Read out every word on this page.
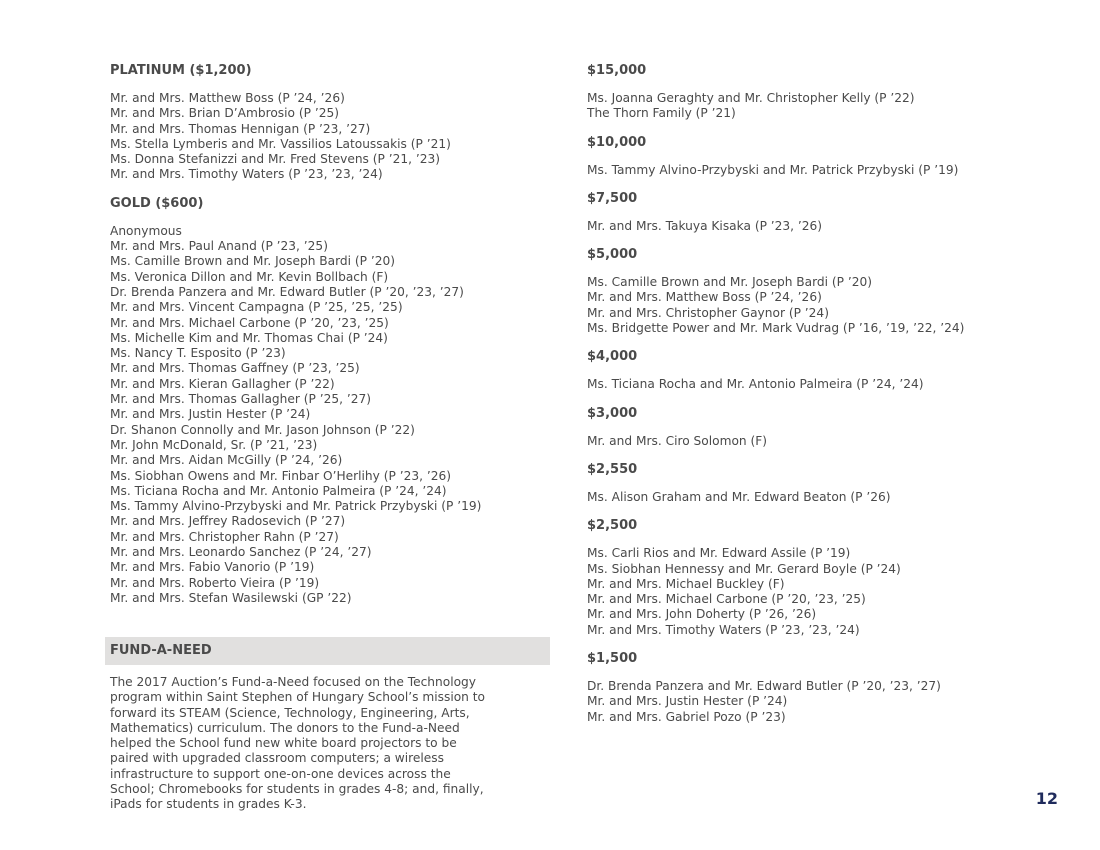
PLATINUM ($1,200)
Mr. and Mrs. Matthew Boss (P ’24, ’26)
Mr. and Mrs. Brian D’Ambrosio (P ’25)
Mr. and Mrs. Thomas Hennigan (P ’23, ’27)
Ms. Stella Lymberis and Mr. Vassilios Latoussakis (P ’21)
Ms. Donna Stefanizzi and Mr. Fred Stevens (P ’21, ’23)
Mr. and Mrs. Timothy Waters (P ’23, ’23, ’24)
GOLD ($600)
Anonymous
Mr. and Mrs. Paul Anand (P ’23, ’25)
Ms. Camille Brown and Mr. Joseph Bardi (P ’20)
Ms. Veronica Dillon and Mr. Kevin Bollbach (F)
Dr. Brenda Panzera and Mr. Edward Butler (P ’20, ’23, ’27)
Mr. and Mrs. Vincent Campagna (P ’25, ’25, ’25)
Mr. and Mrs. Michael Carbone (P ’20, ’23, ’25)
Ms. Michelle Kim and Mr. Thomas Chai (P ’24)
Ms. Nancy T. Esposito (P ’23)
Mr. and Mrs. Thomas Gaffney (P ’23, ’25)
Mr. and Mrs. Kieran Gallagher (P ’22)
Mr. and Mrs. Thomas Gallagher (P ’25, ’27)
Mr. and Mrs. Justin Hester (P ’24)
Dr. Shanon Connolly and Mr. Jason Johnson (P ’22)
Mr. John McDonald, Sr. (P ’21, ’23)
Mr. and Mrs. Aidan McGilly (P ’24, ’26)
Ms. Siobhan Owens and Mr. Finbar O’Herlihy (P ’23, ’26)
Ms. Ticiana Rocha and Mr. Antonio Palmeira (P ’24, ’24)
Ms. Tammy Alvino-Przybyski and Mr. Patrick Przybyski (P ’19)
Mr. and Mrs. Jeffrey Radosevich (P ’27)
Mr. and Mrs. Christopher Rahn (P ’27)
Mr. and Mrs. Leonardo Sanchez (P ’24, ’27)
Mr. and Mrs. Fabio Vanorio (P ’19)
Mr. and Mrs. Roberto Vieira (P ’19)
Mr. and Mrs. Stefan Wasilewski (GP ’22)
$15,000
Ms. Joanna Geraghty and Mr. Christopher Kelly (P ’22)
The Thorn Family (P ’21)
$10,000
Ms. Tammy Alvino-Przybyski and Mr. Patrick Przybyski (P ’19)
$7,500
Mr. and Mrs. Takuya Kisaka (P ’23, ’26)
$5,000
Ms. Camille Brown and Mr. Joseph Bardi (P ’20)
Mr. and Mrs. Matthew Boss (P ’24, ’26)
Mr. and Mrs. Christopher Gaynor (P ’24)
Ms. Bridgette Power and Mr. Mark Vudrag (P ’16, ’19, ’22, ’24)
$4,000
Ms. Ticiana Rocha and Mr. Antonio Palmeira (P ’24, ’24)
$3,000
Mr. and Mrs. Ciro Solomon (F)
$2,550
Ms. Alison Graham and Mr. Edward Beaton (P ’26)
$2,500
Ms. Carli Rios and Mr. Edward Assile (P ’19)
Ms. Siobhan Hennessy and Mr. Gerard Boyle (P ’24)
Mr. and Mrs. Michael Buckley (F)
Mr. and Mrs. Michael Carbone (P ’20, ’23, ’25)
Mr. and Mrs. John Doherty (P ’26, ’26)
Mr. and Mrs. Timothy Waters (P ’23, ’23, ’24)
$1,500
Dr. Brenda Panzera and Mr. Edward Butler (P ’20, ’23, ’27)
Mr. and Mrs. Justin Hester (P ’24)
Mr. and Mrs. Gabriel Pozo (P ’23)
FUND-A-NEED
The 2017 Auction’s Fund-a-Need focused on the Technology
program within Saint Stephen of Hungary School’s mission to
forward its STEAM (Science, Technology, Engineering, Arts,
Mathematics) curriculum. The donors to the Fund-a-Need
helped the School fund new white board projectors to be
paired with upgraded classroom computers; a wireless
infrastructure to support one-on-one devices across the
School; Chromebooks for students in grades 4-8; and, finally,
iPads for students in grades K-3.	12
